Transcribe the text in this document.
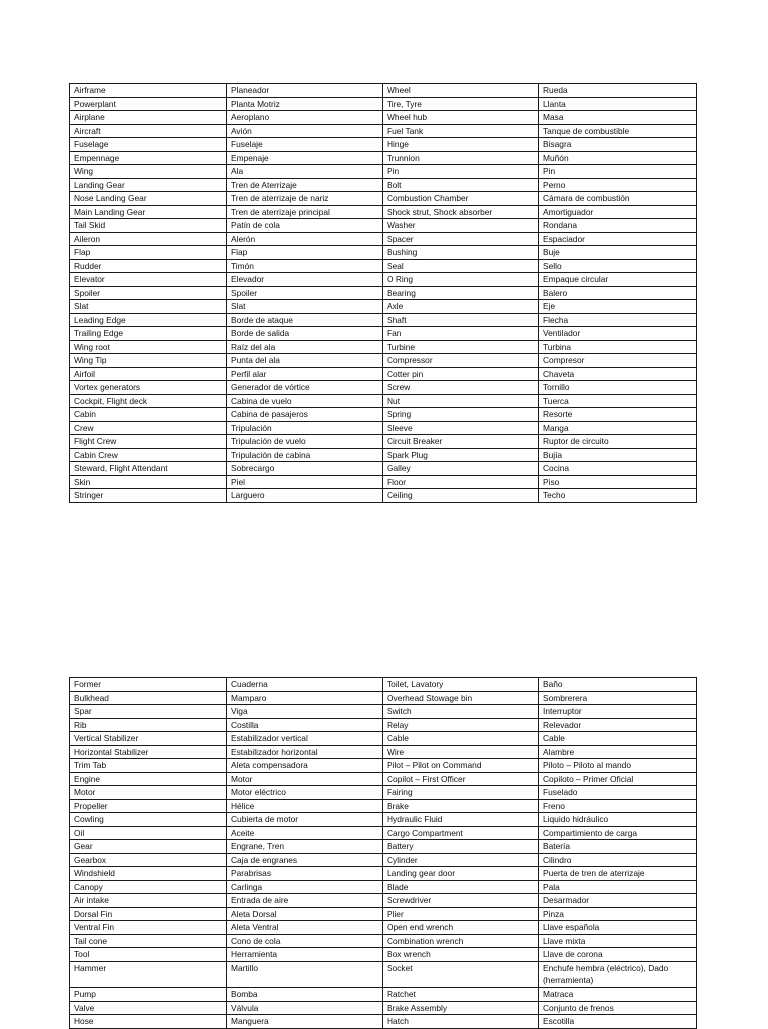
Airframe	Planeador	Wheel	Rueda
Powerplant	Planta Motriz	Tire, Tyre	Llanta
Airplane	Aeroplano	Wheel hub	Masa
Aircraft	Avión	Fuel Tank	Tanque de combustible
Fuselage	Fuselaje	Hinge	Bisagra
Empennage	Empenaje	Trunnion	Muñón
Wing	Ala	Pin	Pin
Landing Gear	Tren de Aterrizaje	Bolt	Perno
Nose Landing Gear	Tren de aterrizaje de nariz	Combustion Chamber	Cámara de combustión
Main Landing Gear	Tren de aterrizaje principal	Shock strut, Shock absorber	Amortiguador
Tail Skid	Patín de cola	Washer	Rondana
Aileron	Alerón	Spacer	Espaciador
Flap	Flap	Bushing	Buje
Rudder	Timón	Seal	Sello
Elevator	Elevador	O Ring	Empaque circular
Spoiler	Spoiler	Bearing	Balero
Slat	Slat	Axle	Eje
Leading Edge	Borde de ataque	Shaft	Flecha
Trailing Edge	Borde de salida	Fan	Ventilador
Wing root	Raíz del ala	Turbine	Turbina
Wing Tip	Punta del ala	Compressor	Compresor
Airfoil	Perfil alar	Cotter pin	Chaveta
Vortex generators	Generador de vórtice	Screw	Tornillo
Cockpit, Flight deck	Cabina de vuelo	Nut	Tuerca
Cabin	Cabina de pasajeros	Spring	Resorte
Crew	Tripulación	Sleeve	Manga
Flight Crew	Tripulación de vuelo	Circuit Breaker	Ruptor de circuito
Cabin Crew	Tripulación de cabina	Spark Plug	Bujía
Steward, Flight Attendant	Sobrecargo	Galley	Cocina
Skin	Piel	Floor	Piso
Stringer	Larguero	Ceiling	Techo
Former	Cuaderna	Toilet, Lavatory	Baño
Bulkhead	Mamparo	Overhead Stowage bin	Sombrerera
Spar	Viga	Switch	Interruptor
Rib	Costilla	Relay	Relevador
Vertical Stabilizer	Estabilizador vertical	Cable	Cable
Horizontal Stabilizer	Estabilizador horizontal	Wire	Alambre
Trim Tab	Aleta compensadora	Pilot – Pilot on Command	Piloto – Piloto al mando
Engine	Motor	Copilot – First Officer	Copiloto – Primer Oficial
Motor	Motor eléctrico	Fairing	Fuselado
Propeller	Hélice	Brake	Freno
Cowling	Cubierta de motor	Hydraulic Fluid	Liquido hidráulico
Oil	Aceite	Cargo Compartment	Compartimiento de carga
Gear	Engrane, Tren	Battery	Batería
Gearbox	Caja de engranes	Cylinder	Cilindro
Windshield	Parabrisas	Landing gear door	Puerta de tren de aterrizaje
Canopy	Carlinga	Blade	Pala
Air intake	Entrada de aire	Screwdriver	Desarmador
Dorsal Fin	Aleta Dorsal	Plier	Pinza
Ventral Fin	Aleta Ventral	Open end wrench	Llave española
Tail cone	Cono de cola	Combination wrench	Llave mixta
Tool	Herramienta	Box wrench	Llave de corona
Hammer	Martillo	Socket	Enchufe hembra (eléctrico), Dado (herramienta)
Pump	Bomba	Ratchet	Matraca
Valve	Válvula	Brake Assembly	Conjunto de frenos
Hose	Manguera	Hatch	Escotilla
